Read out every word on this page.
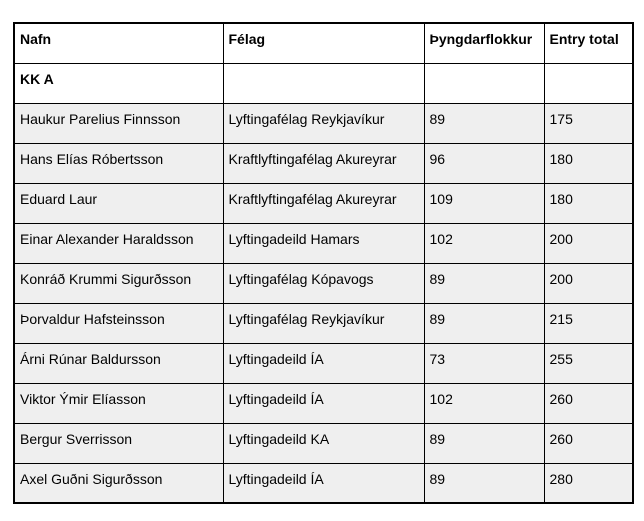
Nafn	Félag	Þyngdarflokkur	Entry total
KK A			
Haukur Parelius Finnsson	Lyftingafélag Reykjavíkur	89	175
Hans Elías Róbertsson	Kraftlyftingafélag Akureyrar	96	180
Eduard Laur	Kraftlyftingafélag Akureyrar	109	180
Einar Alexander Haraldsson	Lyftingadeild Hamars	102	200
Konráð Krummi Sigurðsson	Lyftingafélag Kópavogs	89	200
Þorvaldur Hafsteinsson	Lyftingafélag Reykjavíkur	89	215
Árni Rúnar Baldursson	Lyftingadeild ÍA	73	255
Viktor Ýmir Elíasson	Lyftingadeild ÍA	102	260
Bergur Sverrisson	Lyftingadeild KA	89	260
Axel Guðni Sigurðsson	Lyftingadeild ÍA	89	280
